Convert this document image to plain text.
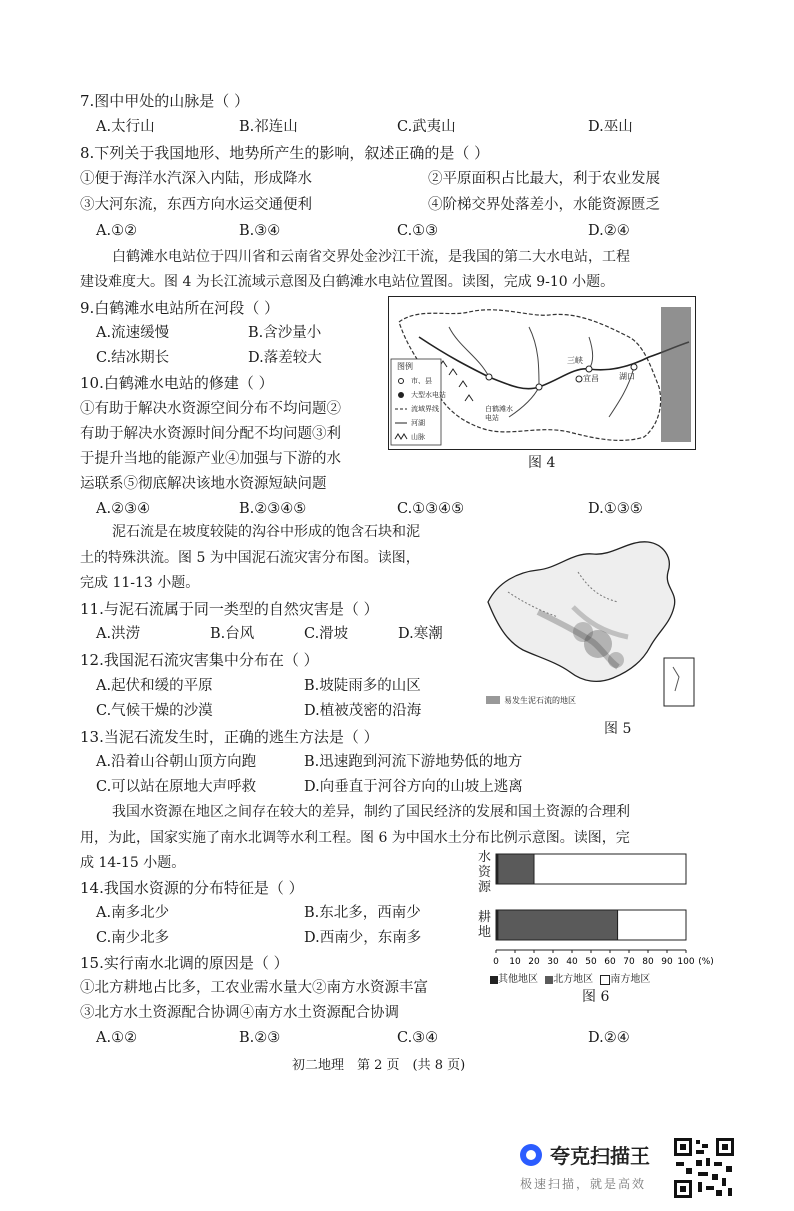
7.图中甲处的山脉是（ ）
A.太行山	B.祁连山	C.武夷山	D.巫山
8.下列关于我国地形、地势所产生的影响，叙述正确的是（ ）
①便于海洋水汽深入内陆，形成降水	②平原面积占比最大，利于农业发展
③大河东流，东西方向水运交通便利	④阶梯交界处落差小，水能资源匮乏
A.①②	B.③④	C.①③	D.②④
白鹤滩水电站位于四川省和云南省交界处金沙江干流，是我国的第二大水电站，工程
建设难度大。图 4 为长江流域示意图及白鹤滩水电站位置图。读图，完成 9-10 小题。
9.白鹤滩水电站所在河段（ ）
A.流速缓慢	B.含沙量小
C.结冰期长	D.落差较大
10.白鹤滩水电站的修建（ ）
①有助于解决水资源空间分布不均问题②
有助于解决水资源时间分配不均问题③利
于提升当地的能源产业④加强与下游的水
运联系⑤彻底解决该地水资源短缺问题
A.②③④	B.②③④⑤	C.①③④⑤	D.①③⑤
图例
市、县
大型水电站
流域界线
河湖
山脉
三峡
宜昌	湖口
白鹤滩水电站
图 4
泥石流是在坡度较陡的沟谷中形成的饱含石块和泥
土的特殊洪流。图 5 为中国泥石流灾害分布图。读图，
完成 11-13 小题。
易发生泥石流的地区
图 5
11.与泥石流属于同一类型的自然灾害是（ ）
A.洪涝	B.台风	C.滑坡	D.寒潮
12.我国泥石流灾害集中分布在（ ）
A.起伏和缓的平原	B.坡陡雨多的山区
C.气候干燥的沙漠	D.植被茂密的沿海
13.当泥石流发生时，正确的逃生方法是（ ）
A.沿着山谷朝山顶方向跑	B.迅速跑到河流下游地势低的地方
C.可以站在原地大声呼救	D.向垂直于河谷方向的山坡上逃离
我国水资源在地区之间存在较大的差异，制约了国民经济的发展和国土资源的合理利
用，为此，国家实施了南水北调等水利工程。图 6 为中国水土分布比例示意图。读图，完
成 14-15 小题。
14.我国水资源的分布特征是（ ）
A.南多北少	B.东北多，西南少
C.南少北多	D.西南少，东南多
15.实行南水北调的原因是（ ）
①北方耕地占比多，工农业需水量大②南方水资源丰富
③北方水土资源配合协调④南方水土资源配合协调
A.①②	B.②③	C.③④	D.②④
水资源
耕地
0 10 20 30 40 50 60 70 80 90 100 (%)
其他地区 北方地区 南方地区
图 6
初二地理　第 2 页　(共 8 页)
夸克扫描王
极速扫描，就是高效
